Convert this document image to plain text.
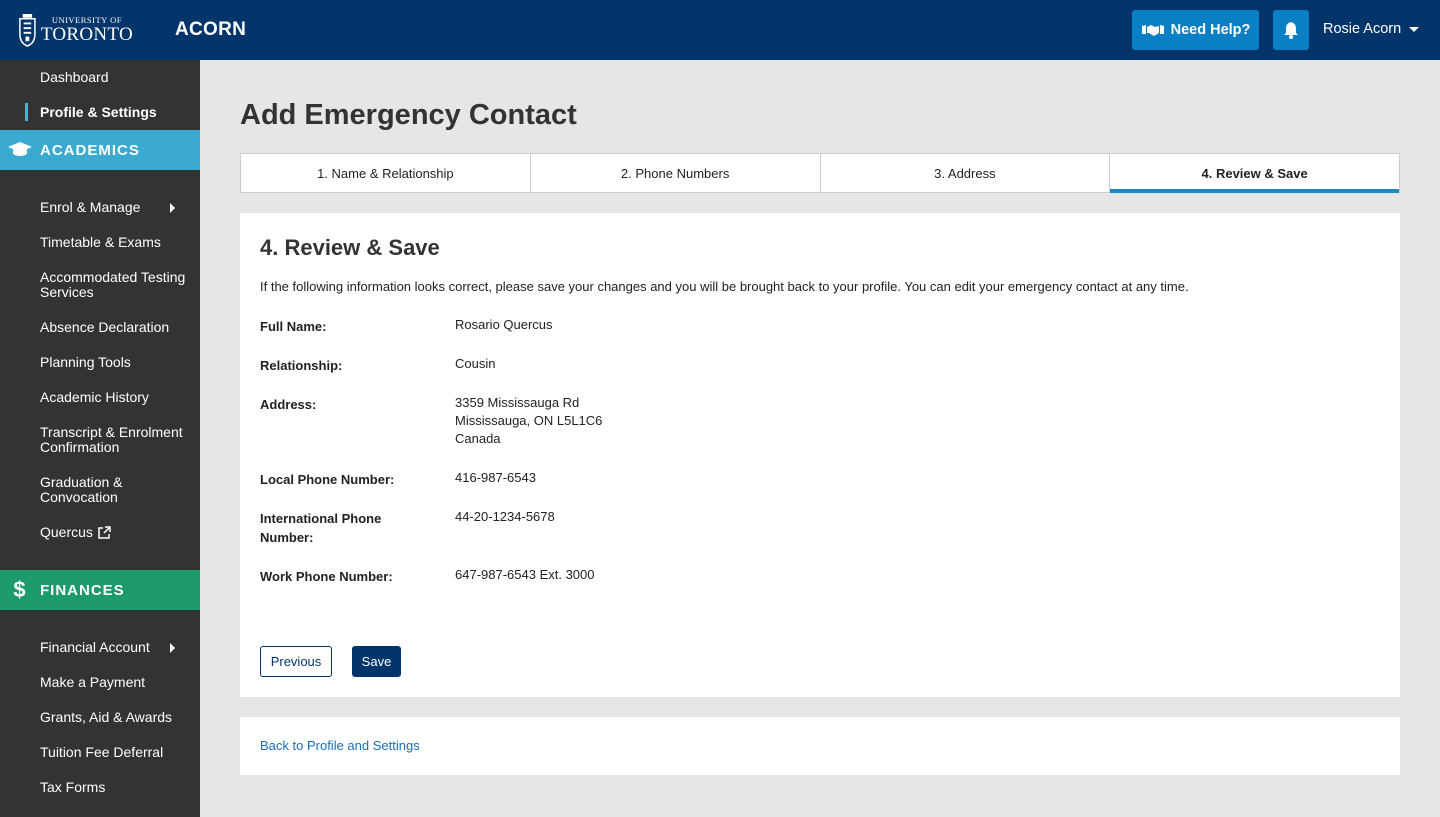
UNIVERSITY OF
TORONTO ACORN	Need Help?	Rosie Acorn
Dashboard
Profile & Settings
ACADEMICS
Enrol & Manage
Timetable & Exams
Accommodated Testing Services
Absence Declaration
Planning Tools
Academic History
Transcript & Enrolment Confirmation
Graduation & Convocation
Quercus
$ FINANCES
Financial Account
Make a Payment
Grants, Aid & Awards
Tuition Fee Deferral
Tax Forms
Add Emergency Contact
1. Name & Relationship	2. Phone Numbers	3. Address	4. Review & Save
4. Review & Save

If the following information looks correct, please save your changes and you will be brought back to your profile. You can edit your emergency contact at any time.

Full Name:	Rosario Quercus
Relationship:	Cousin
Address:	3359 Mississauga Rd
Mississauga, ON L5L1C6
Canada
Local Phone Number:	416-987-6543
International Phone Number:
44-20-1234-5678
Work Phone Number:	647-987-6543 Ext. 3000
Previous	Save
Back to Profile and Settings
